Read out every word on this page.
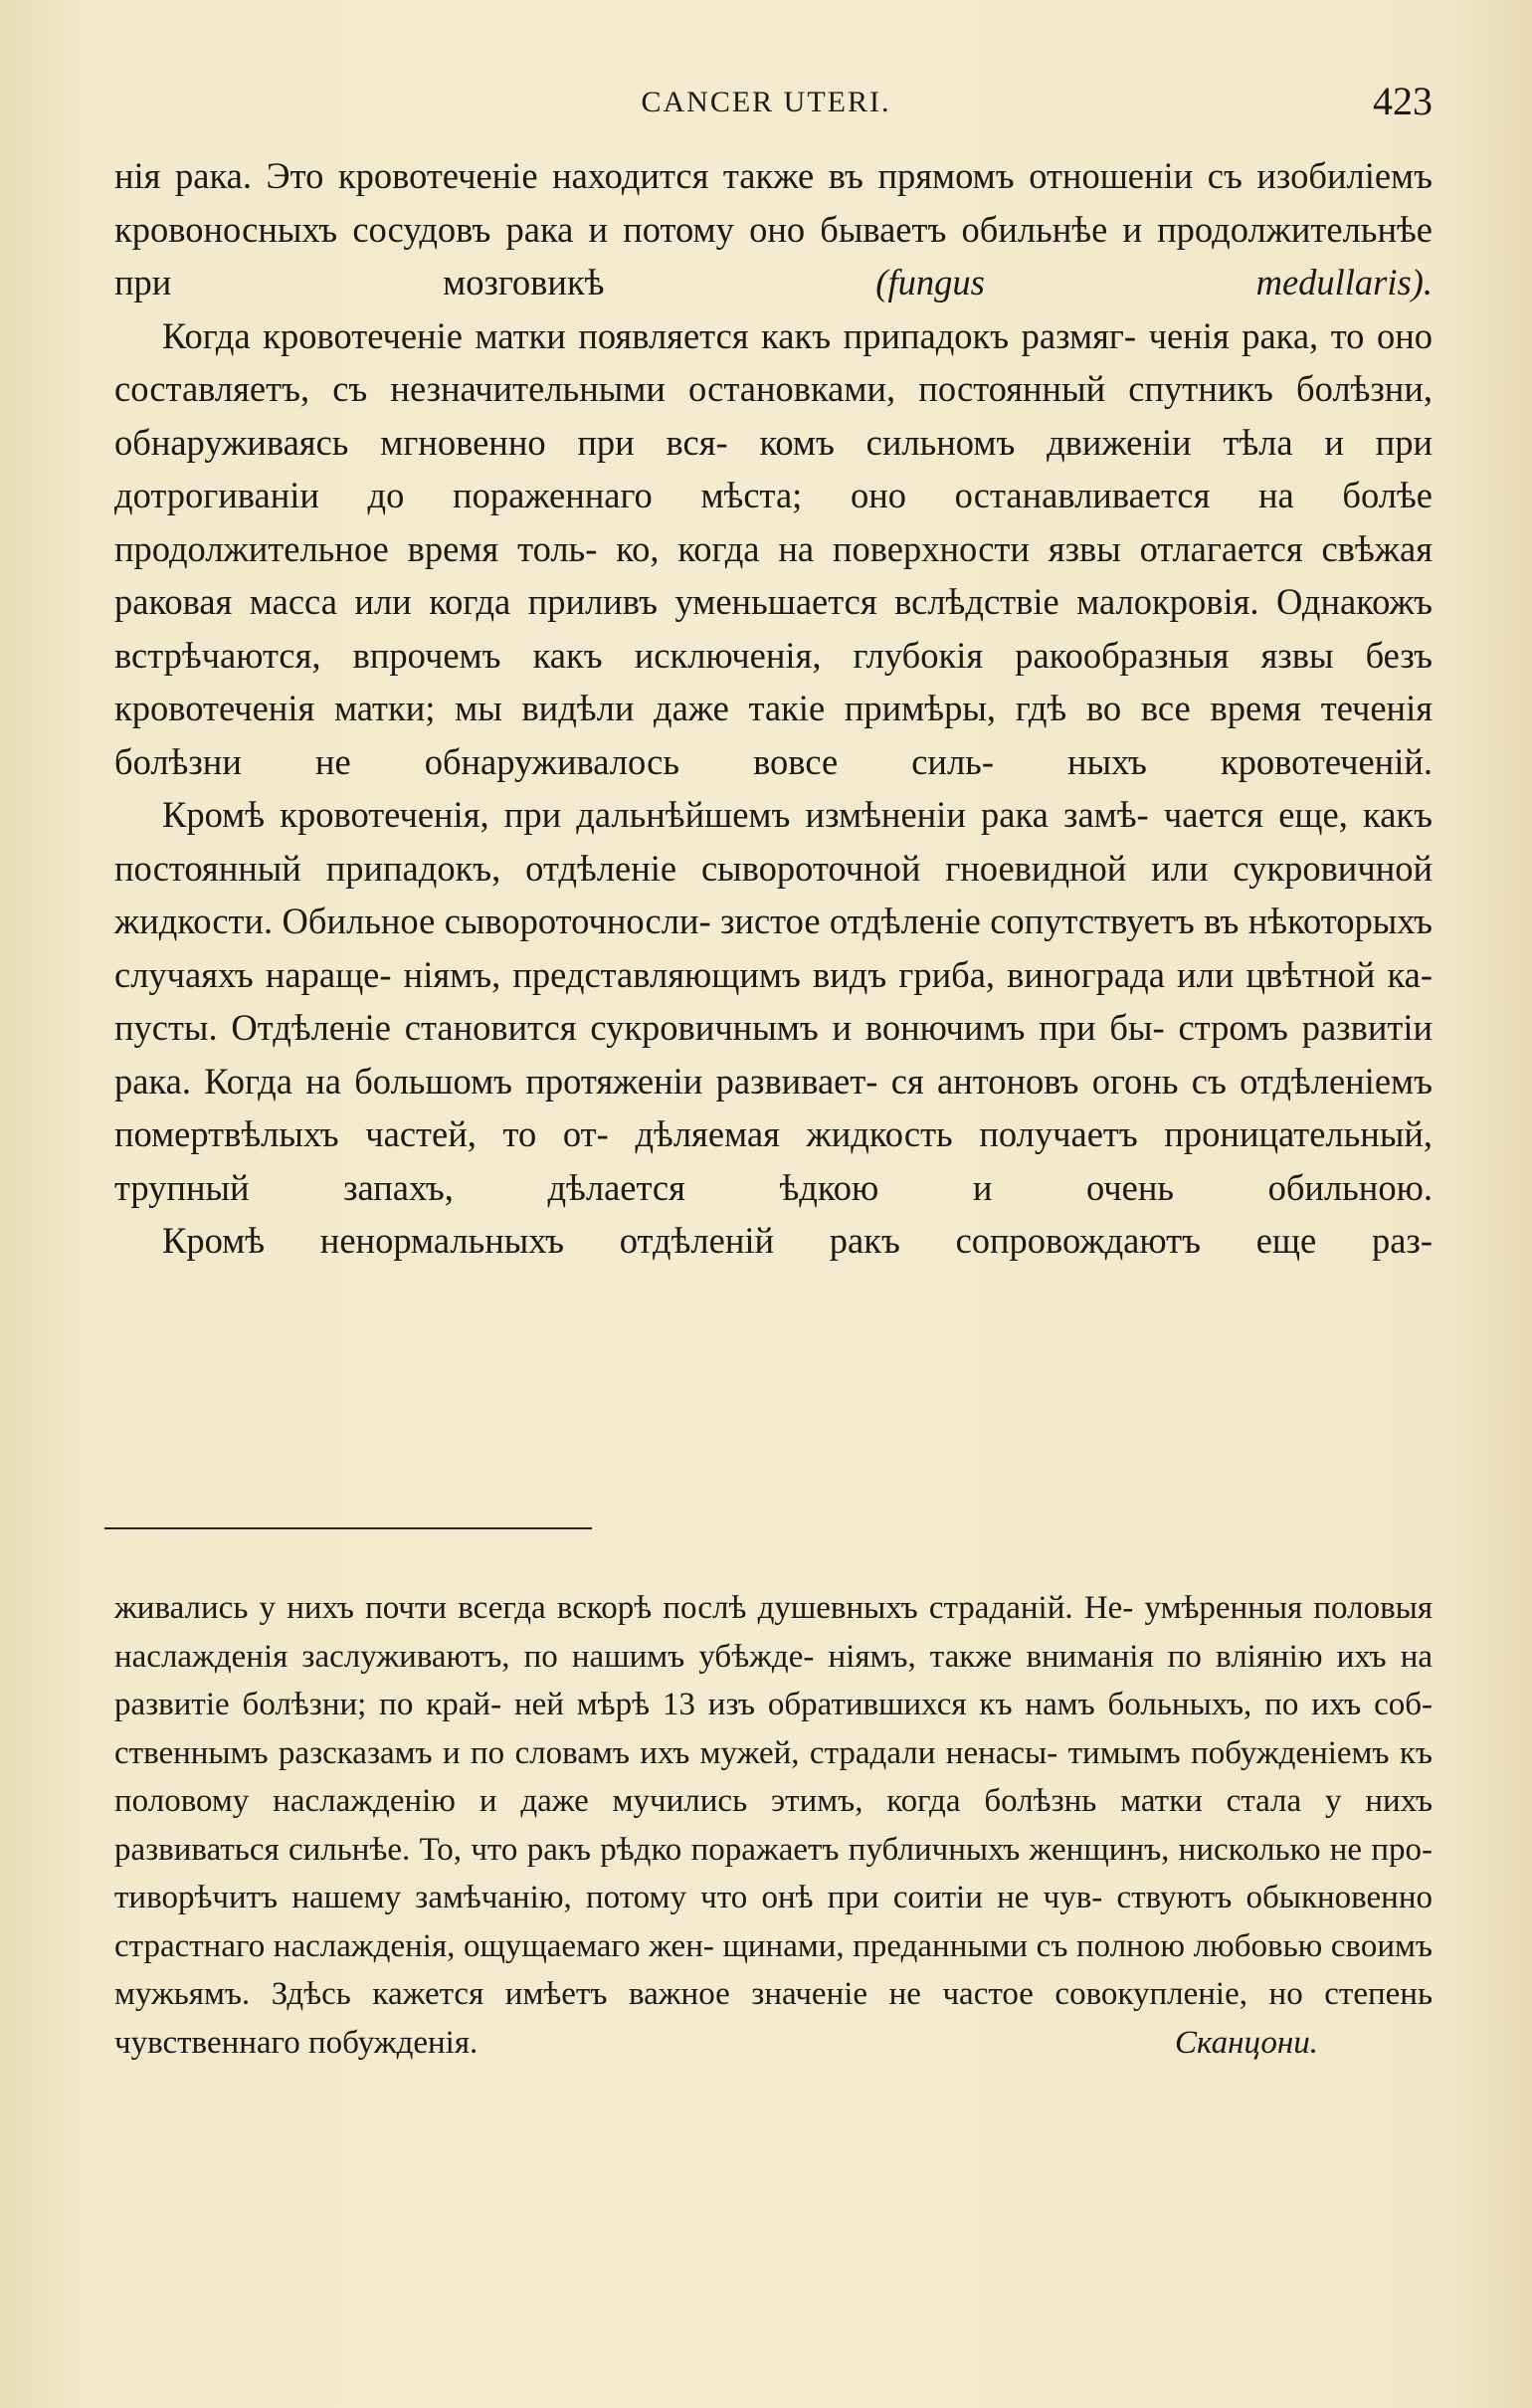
CANCER UTERI.	423

нія рака. Это кровотеченіе находится также въ прямомъ отношеніи съ изобиліемъ кровоносныхъ сосудовъ рака и потому оно бываетъ обильнѣе и продолжительнѣе при мозговикѣ (fungus medullaris).

Когда кровотеченіе матки появляется какъ припадокъ размяг- ченія рака, то оно составляетъ, съ незначительными остановками, постоянный спутникъ болѣзни, обнаруживаясь мгновенно при вся- комъ сильномъ движеніи тѣла и при дотрогиваніи до пораженнаго мѣста; оно останавливается на болѣе продолжительное время толь- ко, когда на поверхности язвы отлагается свѣжая раковая масса или когда приливъ уменьшается вслѣдствіе малокровія. Однакожъ встрѣчаются, впрочемъ какъ исключенія, глубокія ракообразныя язвы безъ кровотеченія матки; мы видѣли даже такіе примѣры, гдѣ во все время теченія болѣзни не обнаруживалось вовсе силь- ныхъ кровотеченій.

Кромѣ кровотеченія, при дальнѣйшемъ измѣненіи рака замѣ- чается еще, какъ постоянный припадокъ, отдѣленіе сывороточной гноевидной или сукровичной жидкости. Обильное сывороточносли- зистое отдѣленіе сопутствуетъ въ нѣкоторыхъ случаяхъ наращe- ніямъ, представляющимъ видъ гриба, винограда или цвѣтной ка- пусты. Отдѣленіе становится сукровичнымъ и вонючимъ при бы- стромъ развитіи рака. Когда на большомъ протяженіи развивает- ся антоновъ огонь съ отдѣленіемъ помертвѣлыхъ частей, то от- дѣляемая жидкость получаетъ проницательный, трупный запахъ,	дѣлается ѣдкою и очень обильною.

Кромѣ ненормальныхъ отдѣленій ракъ сопровождаютъ еще раз-

живались у нихъ почти всегда вскорѣ послѣ душевныхъ страданій. Не- умѣренныя половыя наслажденія заслуживаютъ, по нашимъ убѣжде- ніямъ, также вниманія по вліянію ихъ на развитіе болѣзни; по край- ней мѣрѣ 13 изъ обратившихся къ намъ больныхъ, по ихъ соб- ственнымъ разсказамъ и по словамъ ихъ мужей, страдали ненасы- тимымъ побужденіемъ къ половому наслажденію и даже мучились этимъ, когда болѣзнь матки стала у нихъ развиваться сильнѣе. То, что ракъ рѣдко поражаетъ публичныхъ женщинъ, нисколько не про- тиворѣчитъ нашему замѣчанію, потому что онѣ при соитіи не чув- ствуютъ обыкновенно страстнаго наслажденія, ощущаемаго жен- щинами, преданными съ полною любовью своимъ мужьямъ. Здѣсь кажется имѣетъ важное значеніе не частое совокупленіе, но степень

чувственнаго побужденія.	Сканцони.
